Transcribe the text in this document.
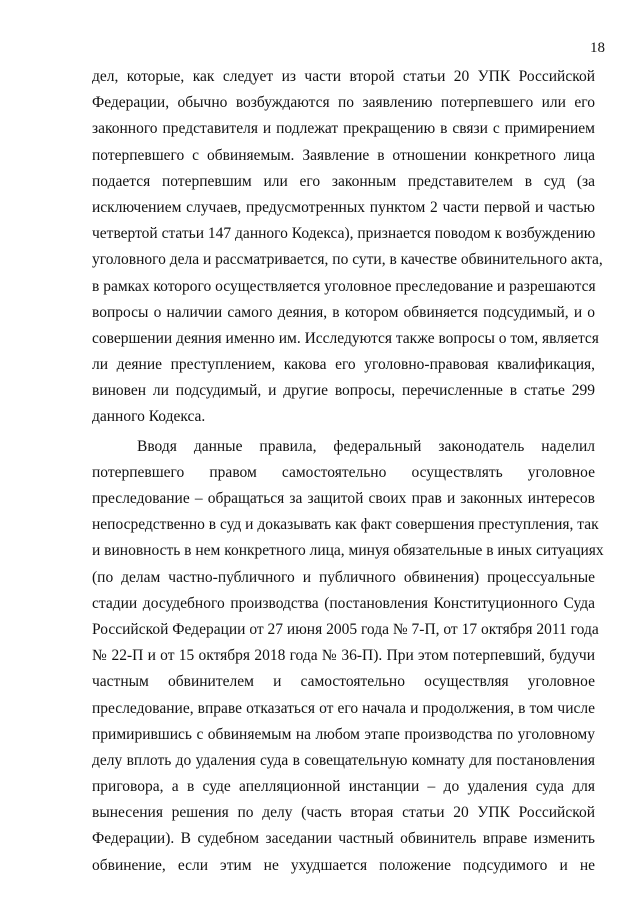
18
дел, которые, как следует из части второй статьи 20 УПК Российской
Федерации, обычно возбуждаются по заявлению потерпевшего или его
законного представителя и подлежат прекращению в связи с примирением
потерпевшего с обвиняемым. Заявление в отношении конкретного лица
подается потерпевшим или его законным представителем в суд (за
исключением случаев, предусмотренных пунктом 2 части первой и частью
четвертой статьи 147 данного Кодекса), признается поводом к возбуждению
уголовного дела и рассматривается, по сути, в качестве обвинительного акта,
в рамках которого осуществляется уголовное преследование и разрешаются
вопросы о наличии самого деяния, в котором обвиняется подсудимый, и о
совершении деяния именно им. Исследуются также вопросы о том, является
ли деяние преступлением, какова его уголовно-правовая квалификация,
виновен ли подсудимый, и другие вопросы, перечисленные в статье 299
данного Кодекса.
Вводя данные правила, федеральный законодатель наделил
потерпевшего правом самостоятельно осуществлять уголовное
преследование – обращаться за защитой своих прав и законных интересов
непосредственно в суд и доказывать как факт совершения преступления, так
и виновность в нем конкретного лица, минуя обязательные в иных ситуациях
(по делам частно-публичного и публичного обвинения) процессуальные
стадии досудебного производства (постановления Конституционного Суда
Российской Федерации от 27 июня 2005 года № 7-П, от 17 октября 2011 года
№ 22-П и от 15 октября 2018 года № 36-П). При этом потерпевший, будучи
частным обвинителем и самостоятельно осуществляя уголовное
преследование, вправе отказаться от его начала и продолжения, в том числе
примирившись с обвиняемым на любом этапе производства по уголовному
делу вплоть до удаления суда в совещательную комнату для постановления
приговора, а в суде апелляционной инстанции – до удаления суда для
вынесения решения по делу (часть вторая статьи 20 УПК Российской
Федерации). В судебном заседании частный обвинитель вправе изменить
обвинение, если этим не ухудшается положение подсудимого и не
